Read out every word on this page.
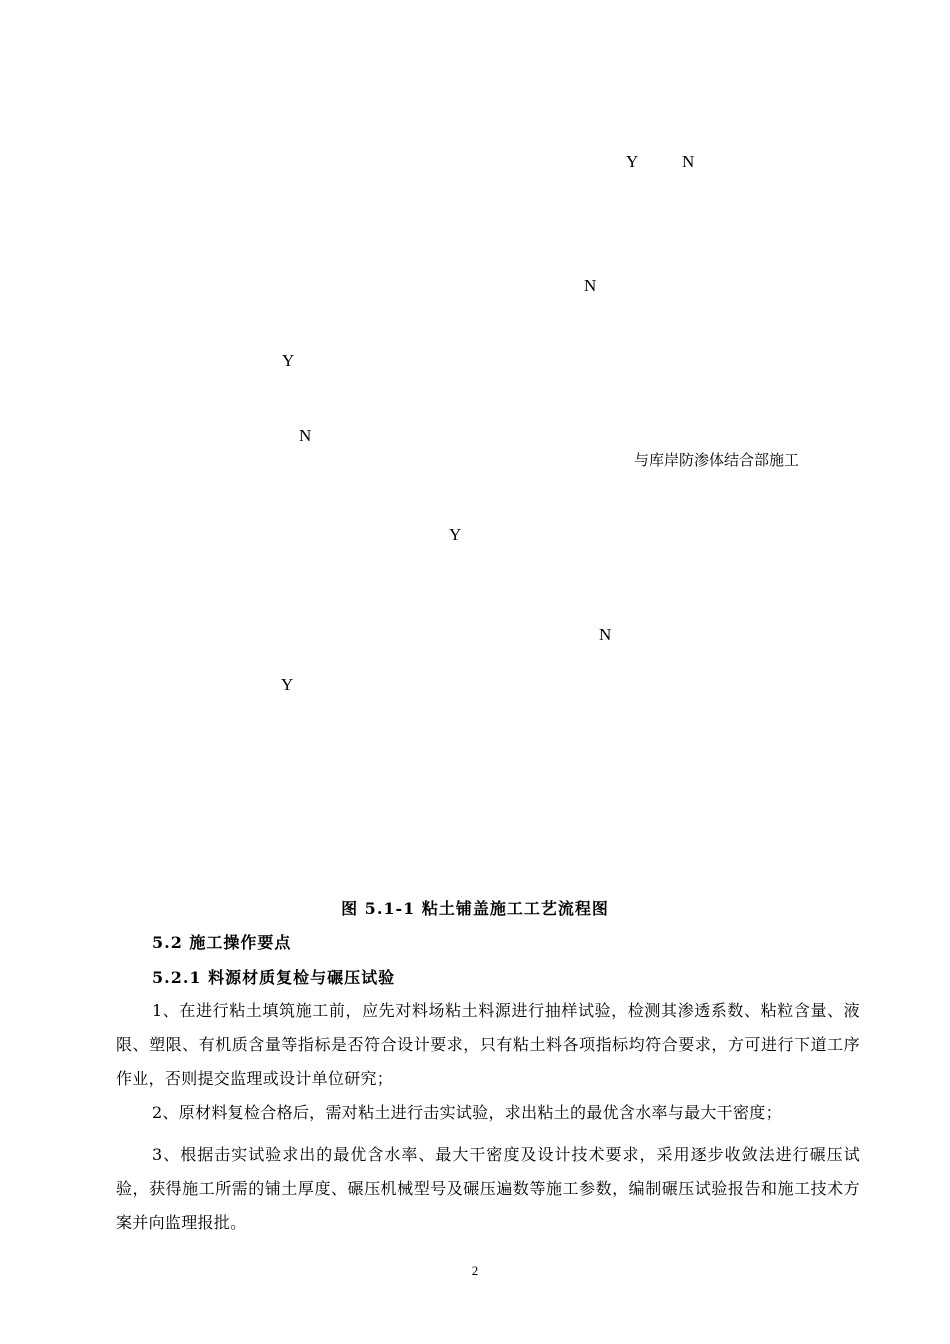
Y	N
N
Y
N
与库岸防渗体结合部施工
Y
N
Y
图 5.1-1 粘土铺盖施工工艺流程图
5.2 施工操作要点
5.2.1 料源材质复检与碾压试验
1、在进行粘土填筑施工前，应先对料场粘土料源进行抽样试验，检测其渗透系数、粘粒含量、液限、塑限、有机质含量等指标是否符合设计要求，只有粘土料各项指标均符合要求，方可进行下道工序作业，否则提交监理或设计单位研究；
2、原材料复检合格后，需对粘土进行击实试验，求出粘土的最优含水率与最大干密度；
3、根据击实试验求出的最优含水率、最大干密度及设计技术要求，采用逐步收敛法进行碾压试验，获得施工所需的铺土厚度、碾压机械型号及碾压遍数等施工参数，编制碾压试验报告和施工技术方案并向监理报批。
2
